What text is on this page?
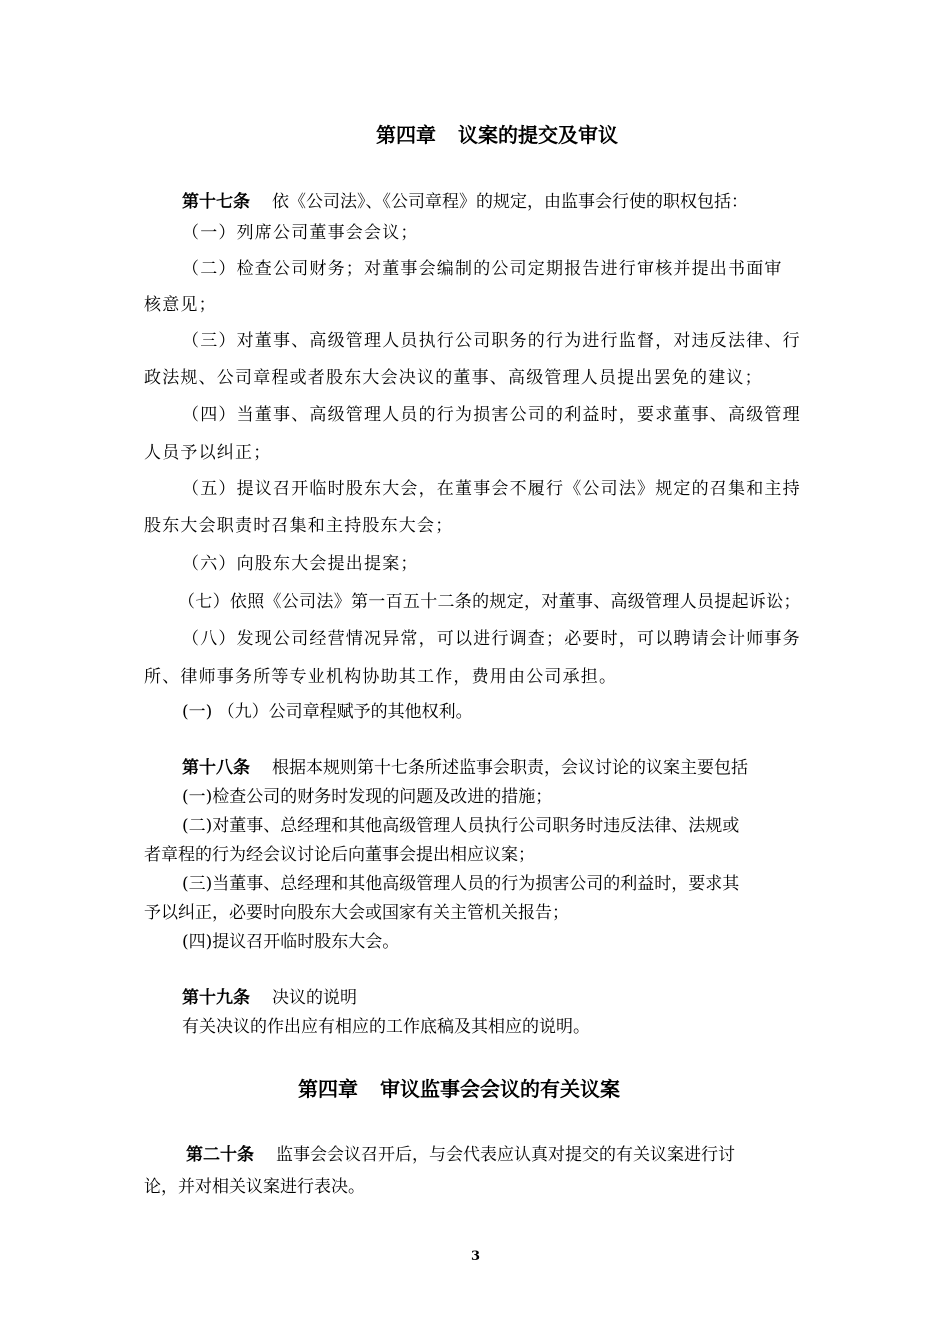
第四章 议案的提交及审议
第十七条 依《公司法》、《公司章程》的规定，由监事会行使的职权包括：
（一）列席公司董事会会议；
（二）检查公司财务；对董事会编制的公司定期报告进行审核并提出书面审
核意见；
（三）对董事、高级管理人员执行公司职务的行为进行监督，对违反法律、行
政法规、公司章程或者股东大会决议的董事、高级管理人员提出罢免的建议；
（四）当董事、高级管理人员的行为损害公司的利益时，要求董事、高级管理
人员予以纠正；
（五）提议召开临时股东大会，在董事会不履行《公司法》规定的召集和主持
股东大会职责时召集和主持股东大会；
（六）向股东大会提出提案；
（七）依照《公司法》第一百五十二条的规定，对董事、高级管理人员提起诉讼；
（八）发现公司经营情况异常，可以进行调查；必要时，可以聘请会计师事务
所、律师事务所等专业机构协助其工作，费用由公司承担。
(一) （九）公司章程赋予的其他权利。
第十八条 根据本规则第十七条所述监事会职责，会议讨论的议案主要包括
(一)检查公司的财务时发现的问题及改进的措施；
(二)对董事、总经理和其他高级管理人员执行公司职务时违反法律、法规或
者章程的行为经会议讨论后向董事会提出相应议案；
(三)当董事、总经理和其他高级管理人员的行为损害公司的利益时，要求其
予以纠正，必要时向股东大会或国家有关主管机关报告；
(四)提议召开临时股东大会。
第十九条 决议的说明
有关决议的作出应有相应的工作底稿及其相应的说明。
第四章 审议监事会会议的有关议案
第二十条 监事会会议召开后，与会代表应认真对提交的有关议案进行讨
论，并对相关议案进行表决。
3
